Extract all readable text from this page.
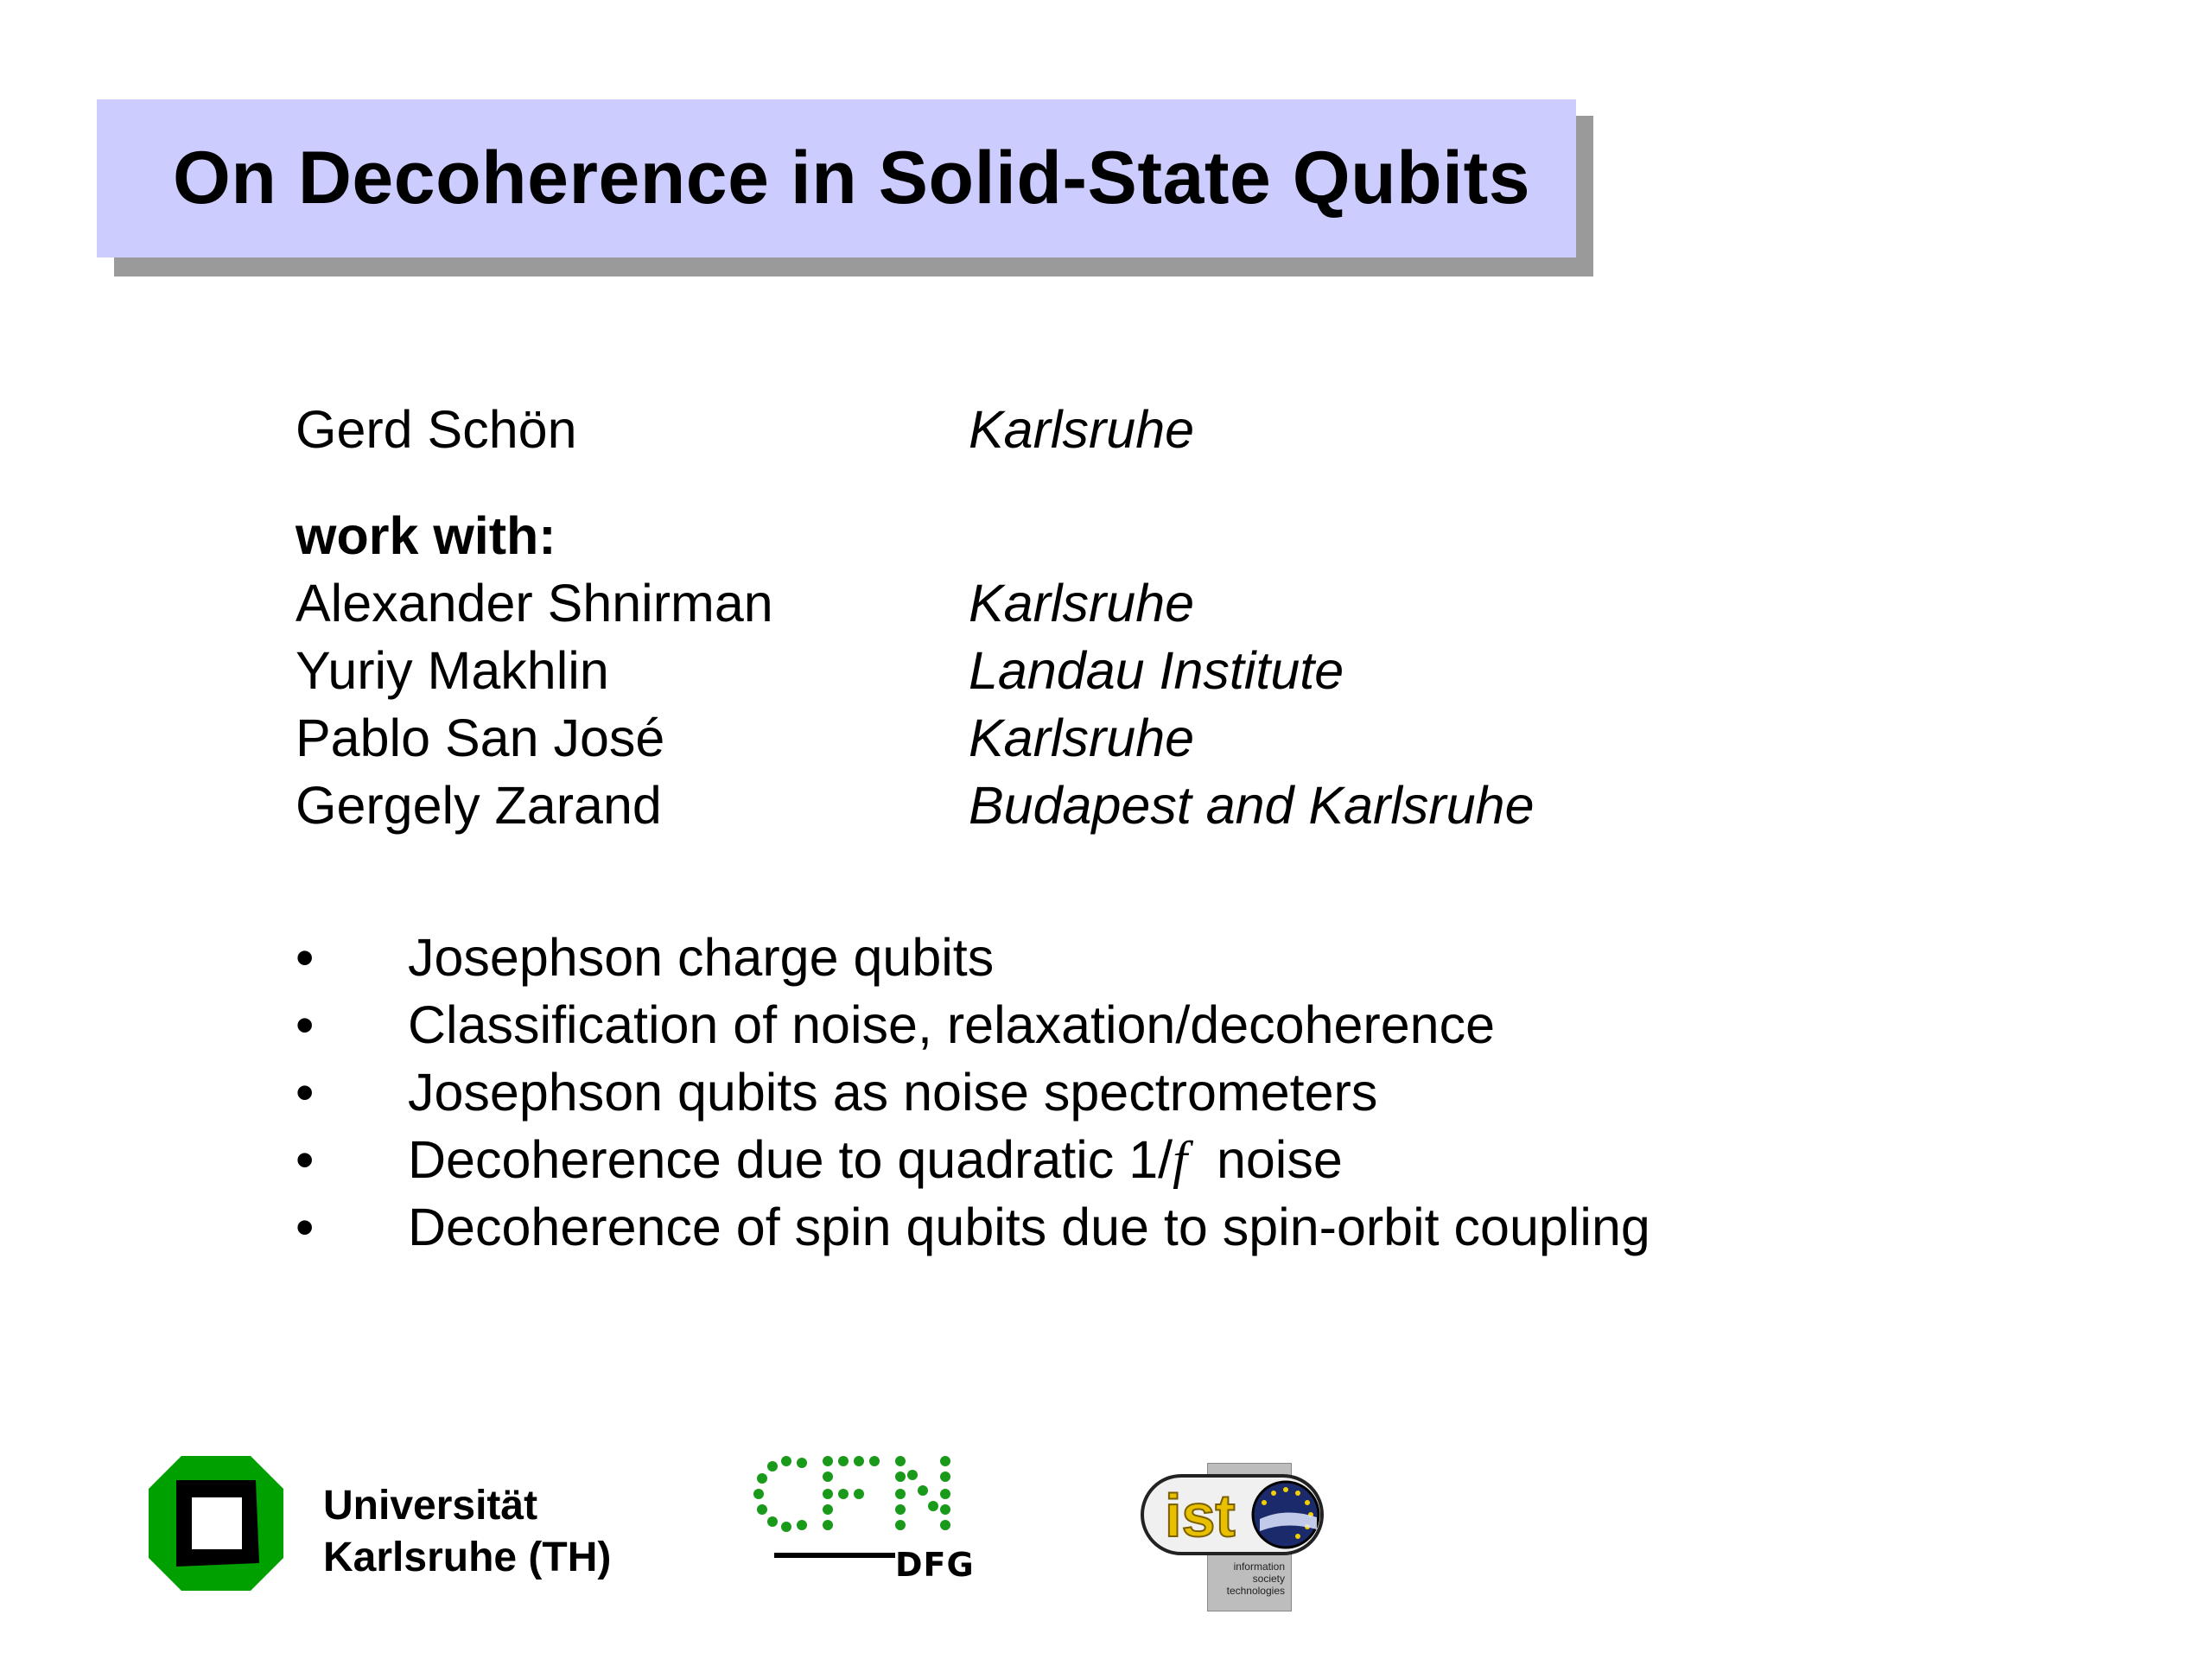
On Decoherence in Solid-State Qubits
Gerd Schön	Karlsruhe
work with:
Alexander Shnirman	Karlsruhe
Yuriy Makhlin	Landau Institute
Pablo San José	Karlsruhe
Gergely Zarand	Budapest and Karlsruhe
• Josephson charge qubits
• Classification of noise, relaxation/decoherence
• Josephson qubits as noise spectrometers
• Decoherence due to quadratic 1/f  noise
• Decoherence of spin qubits due to spin-orbit coupling
Universität
Karlsruhe (TH)	DFG
ist
information
society
technologies
